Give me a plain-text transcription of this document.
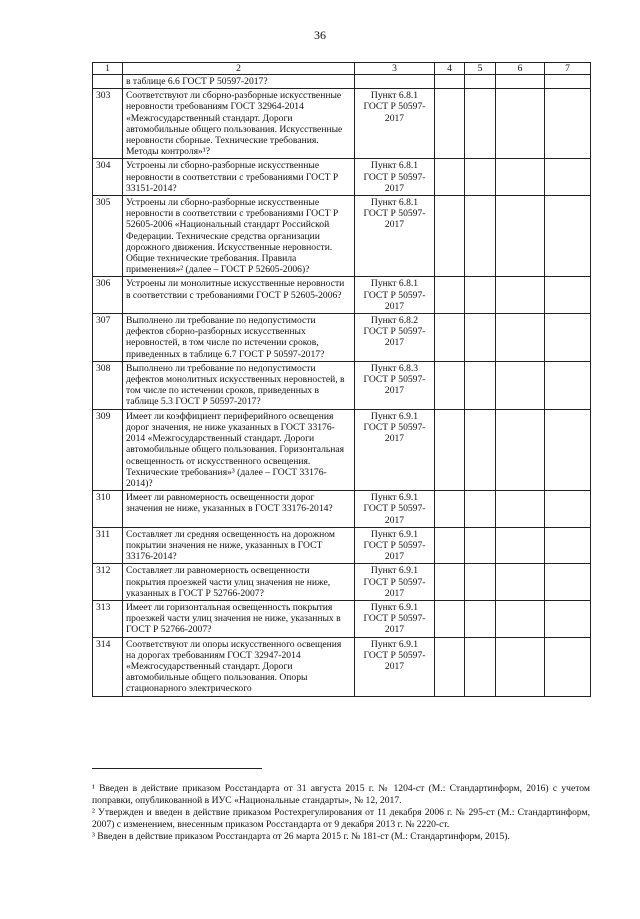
36
1	2	3	4	5	6	7
	в таблице 6.6 ГОСТ Р 50597-2017?					
303	Соответствуют ли сборно-разборные искусственные неровности требованиям ГОСТ 32964-2014 «Межгосударственный стандарт. Дороги автомобильные общего пользования. Искусственные неровности сборные. Технические требования. Методы контроля»¹?	Пункт 6.8.1 ГОСТ Р 50597-2017				
304	Устроены ли сборно-разборные искусственные неровности в соответствии с требованиями ГОСТ Р 33151-2014?	Пункт 6.8.1 ГОСТ Р 50597-2017				
305	Устроены ли сборно-разборные искусственные неровности в соответствии с требованиями ГОСТ Р 52605-2006 «Национальный стандарт Российской Федерации. Технические средства организации дорожного движения. Искусственные неровности. Общие технические требования. Правила применения»² (далее – ГОСТ Р 52605-2006)?	Пункт 6.8.1 ГОСТ Р 50597-2017				
306	Устроены ли монолитные искусственные неровности в соответствии с требованиями ГОСТ Р 52605-2006?	Пункт 6.8.1 ГОСТ Р 50597-2017				
307	Выполнено ли требование по недопустимости дефектов сборно-разборных искусственных неровностей, в том числе по истечении сроков, приведенных в таблице 6.7 ГОСТ Р 50597-2017?	Пункт 6.8.2 ГОСТ Р 50597-2017				
308	Выполнено ли требование по недопустимости дефектов монолитных искусственных неровностей, в том числе по истечении сроков, приведенных в таблице 5.3 ГОСТ Р 50597-2017?	Пункт 6.8.3 ГОСТ Р 50597-2017				
309	Имеет ли коэффициент периферийного освещения дорог значения, не ниже указанных в ГОСТ 33176-2014 «Межгосударственный стандарт. Дороги автомобильные общего пользования. Горизонтальная освещенность от искусственного освещения. Технические требования»³ (далее – ГОСТ 33176-2014)?	Пункт 6.9.1 ГОСТ Р 50597-2017				
310	Имеет ли равномерность освещенности дорог значения не ниже, указанных в ГОСТ 33176-2014?	Пункт 6.9.1 ГОСТ Р 50597-2017				
311	Составляет ли средняя освещенность на дорожном покрытии значения не ниже, указанных в ГОСТ 33176-2014?	Пункт 6.9.1 ГОСТ Р 50597-2017				
312	Составляет ли равномерность освещенности покрытия проезжей части улиц значения не ниже, указанных в ГОСТ Р 52766-2007?	Пункт 6.9.1 ГОСТ Р 50597-2017				
313	Имеет ли горизонтальная освещенность покрытия проезжей части улиц значения не ниже, указанных в ГОСТ Р 52766-2007?	Пункт 6.9.1 ГОСТ Р 50597-2017				
314	Соответствуют ли опоры искусственного освещения на дорогах требованиям ГОСТ 32947-2014 «Межгосударственный стандарт. Дороги автомобильные общего пользования. Опоры стационарного электрического	Пункт 6.9.1 ГОСТ Р 50597-2017				

¹ Введен в действие приказом Росстандарта от 31 августа 2015 г. № 1204-ст (М.: Стандартинформ, 2016) с учетом поправки, опубликованной в ИУС «Национальные стандарты», № 12, 2017.

² Утвержден и введен в действие приказом Ростехрегулирования от 11 декабря 2006 г. № 295-ст (М.: Стандартинформ, 2007) с изменением, внесенным приказом Росстандарта от 9 декабря 2013 г. № 2220-ст.

³ Введен в действие приказом Росстандарта от 26 марта 2015 г. № 181-ст (М.: Стандартинформ, 2015).
